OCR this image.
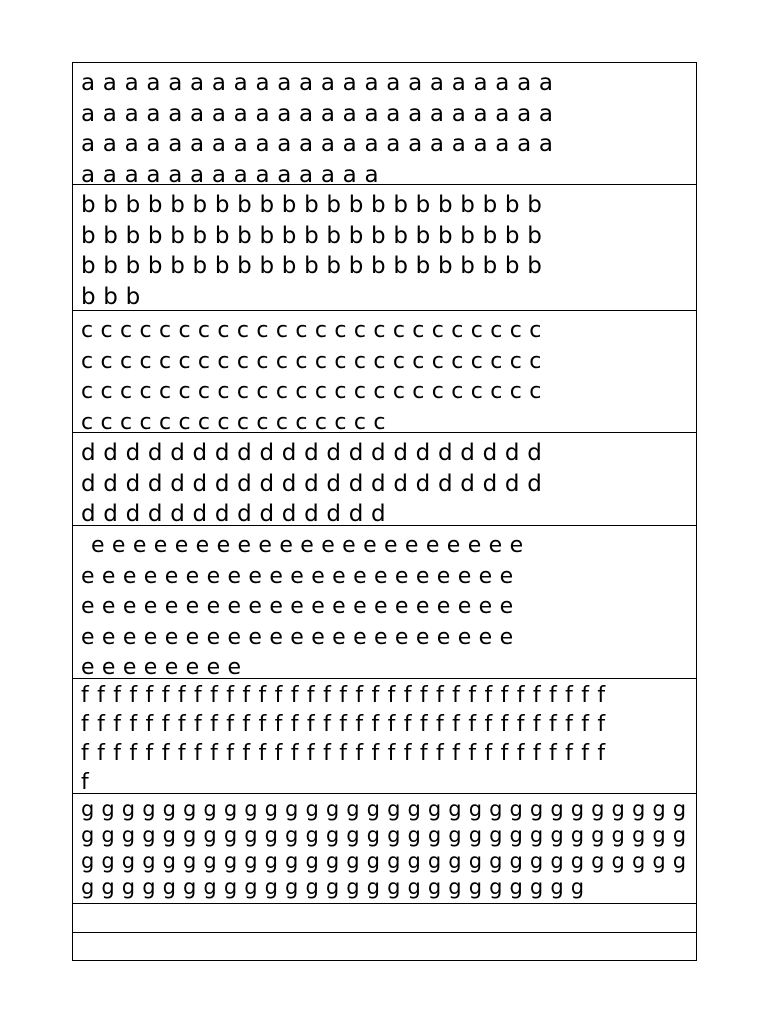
a a a a a a a a a a a a a a a a a a a a a a
a a a a a a a a a a a a a a a a a a a a a a
a a a a a a a a a a a a a a a a a a a a a a
a a a a a a a a a a a a a a
b b b b b b b b b b b b b b b b b b b b b
b b b b b b b b b b b b b b b b b b b b b
b b b b b b b b b b b b b b b b b b b b b
b b b
c c c c c c c c c c c c c c c c c c c c c c c c
c c c c c c c c c c c c c c c c c c c c c c c c
c c c c c c c c c c c c c c c c c c c c c c c c
c c c c c c c c c c c c c c c c
d d d d d d d d d d d d d d d d d d d d d
d d d d d d d d d d d d d d d d d d d d d
d d d d d d d d d d d d d d
e e e e e e e e e e e e e e e e e e e e e
e e e e e e e e e e e e e e e e e e e e e
e e e e e e e e e e e e e e e e e e e e e
e e e e e e e e e e e e e e e e e e e e e
e e e e e e e e
f f f f f f f f f f f f f f f f f f f f f f f f f f f f f f f f f
f f f f f f f f f f f f f f f f f f f f f f f f f f f f f f f f f
f f f f f f f f f f f f f f f f f f f f f f f f f f f f f f f f f
f
g g g g g g g g g g g g g g g g g g g g g g g g g g g g g g
g g g g g g g g g g g g g g g g g g g g g g g g g g g g g g
g g g g g g g g g g g g g g g g g g g g g g g g g g g g g g
g g g g g g g g g g g g g g g g g g g g g g g g g
